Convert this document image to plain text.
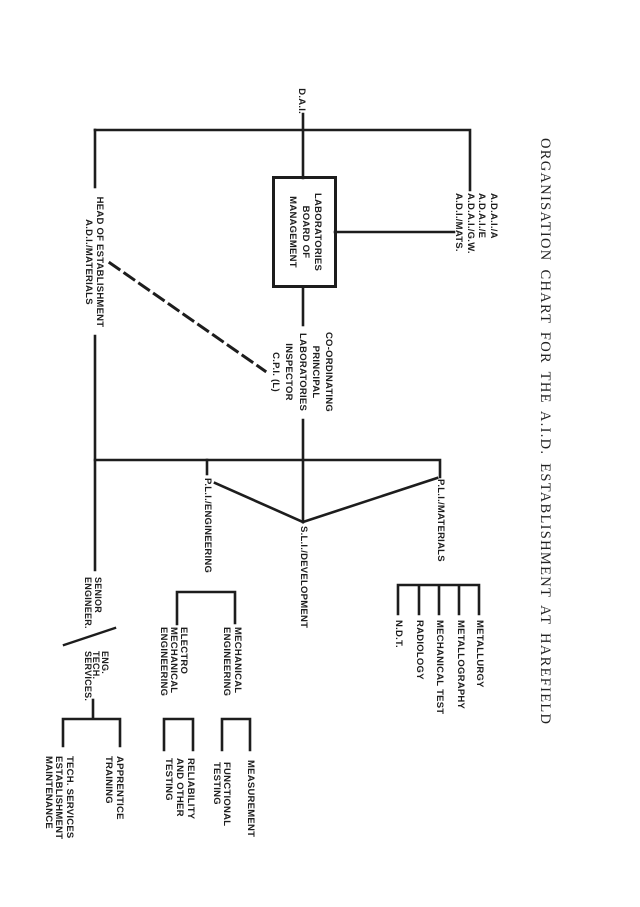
ORGANISATION CHART FOR THE A.I.D. ESTABLISHMENT AT HAREFIELD
D.A.I.
A.D.A.I./A
A.D.A.I./E
A.D.A.I./G.W.
A.D.I./MATS.
LABORATORIES
BOARD OF
MANAGEMENT
CO-ORDINATING
PRINCIPAL
LABORATORIES
INSPECTOR
C.P.I. (L)
HEAD OF ESTABLISHMENT
A.D.I./MATERIALS
P.L.I./ENGINEERING
S.L.I./DEVELOPMENT
P.L.I./MATERIALS
METALLURGY
METALLOGRAPHY
MECHANICAL TEST
RADIOLOGY
N.D.T.
MECHANICAL
ENGINEERING
ELECTRO
MECHANICAL
ENGINEERING
MEASUREMENT
FUNCTIONAL
TESTING
RELIABILITY
AND OTHER
TESTING
SENIOR
ENGINEER.
ENG.
TECH.
SERVICES.
APPRENTICE
TRAINING
TECH. SERVICES
ESTABLISHMENT
MAINTENANCE
